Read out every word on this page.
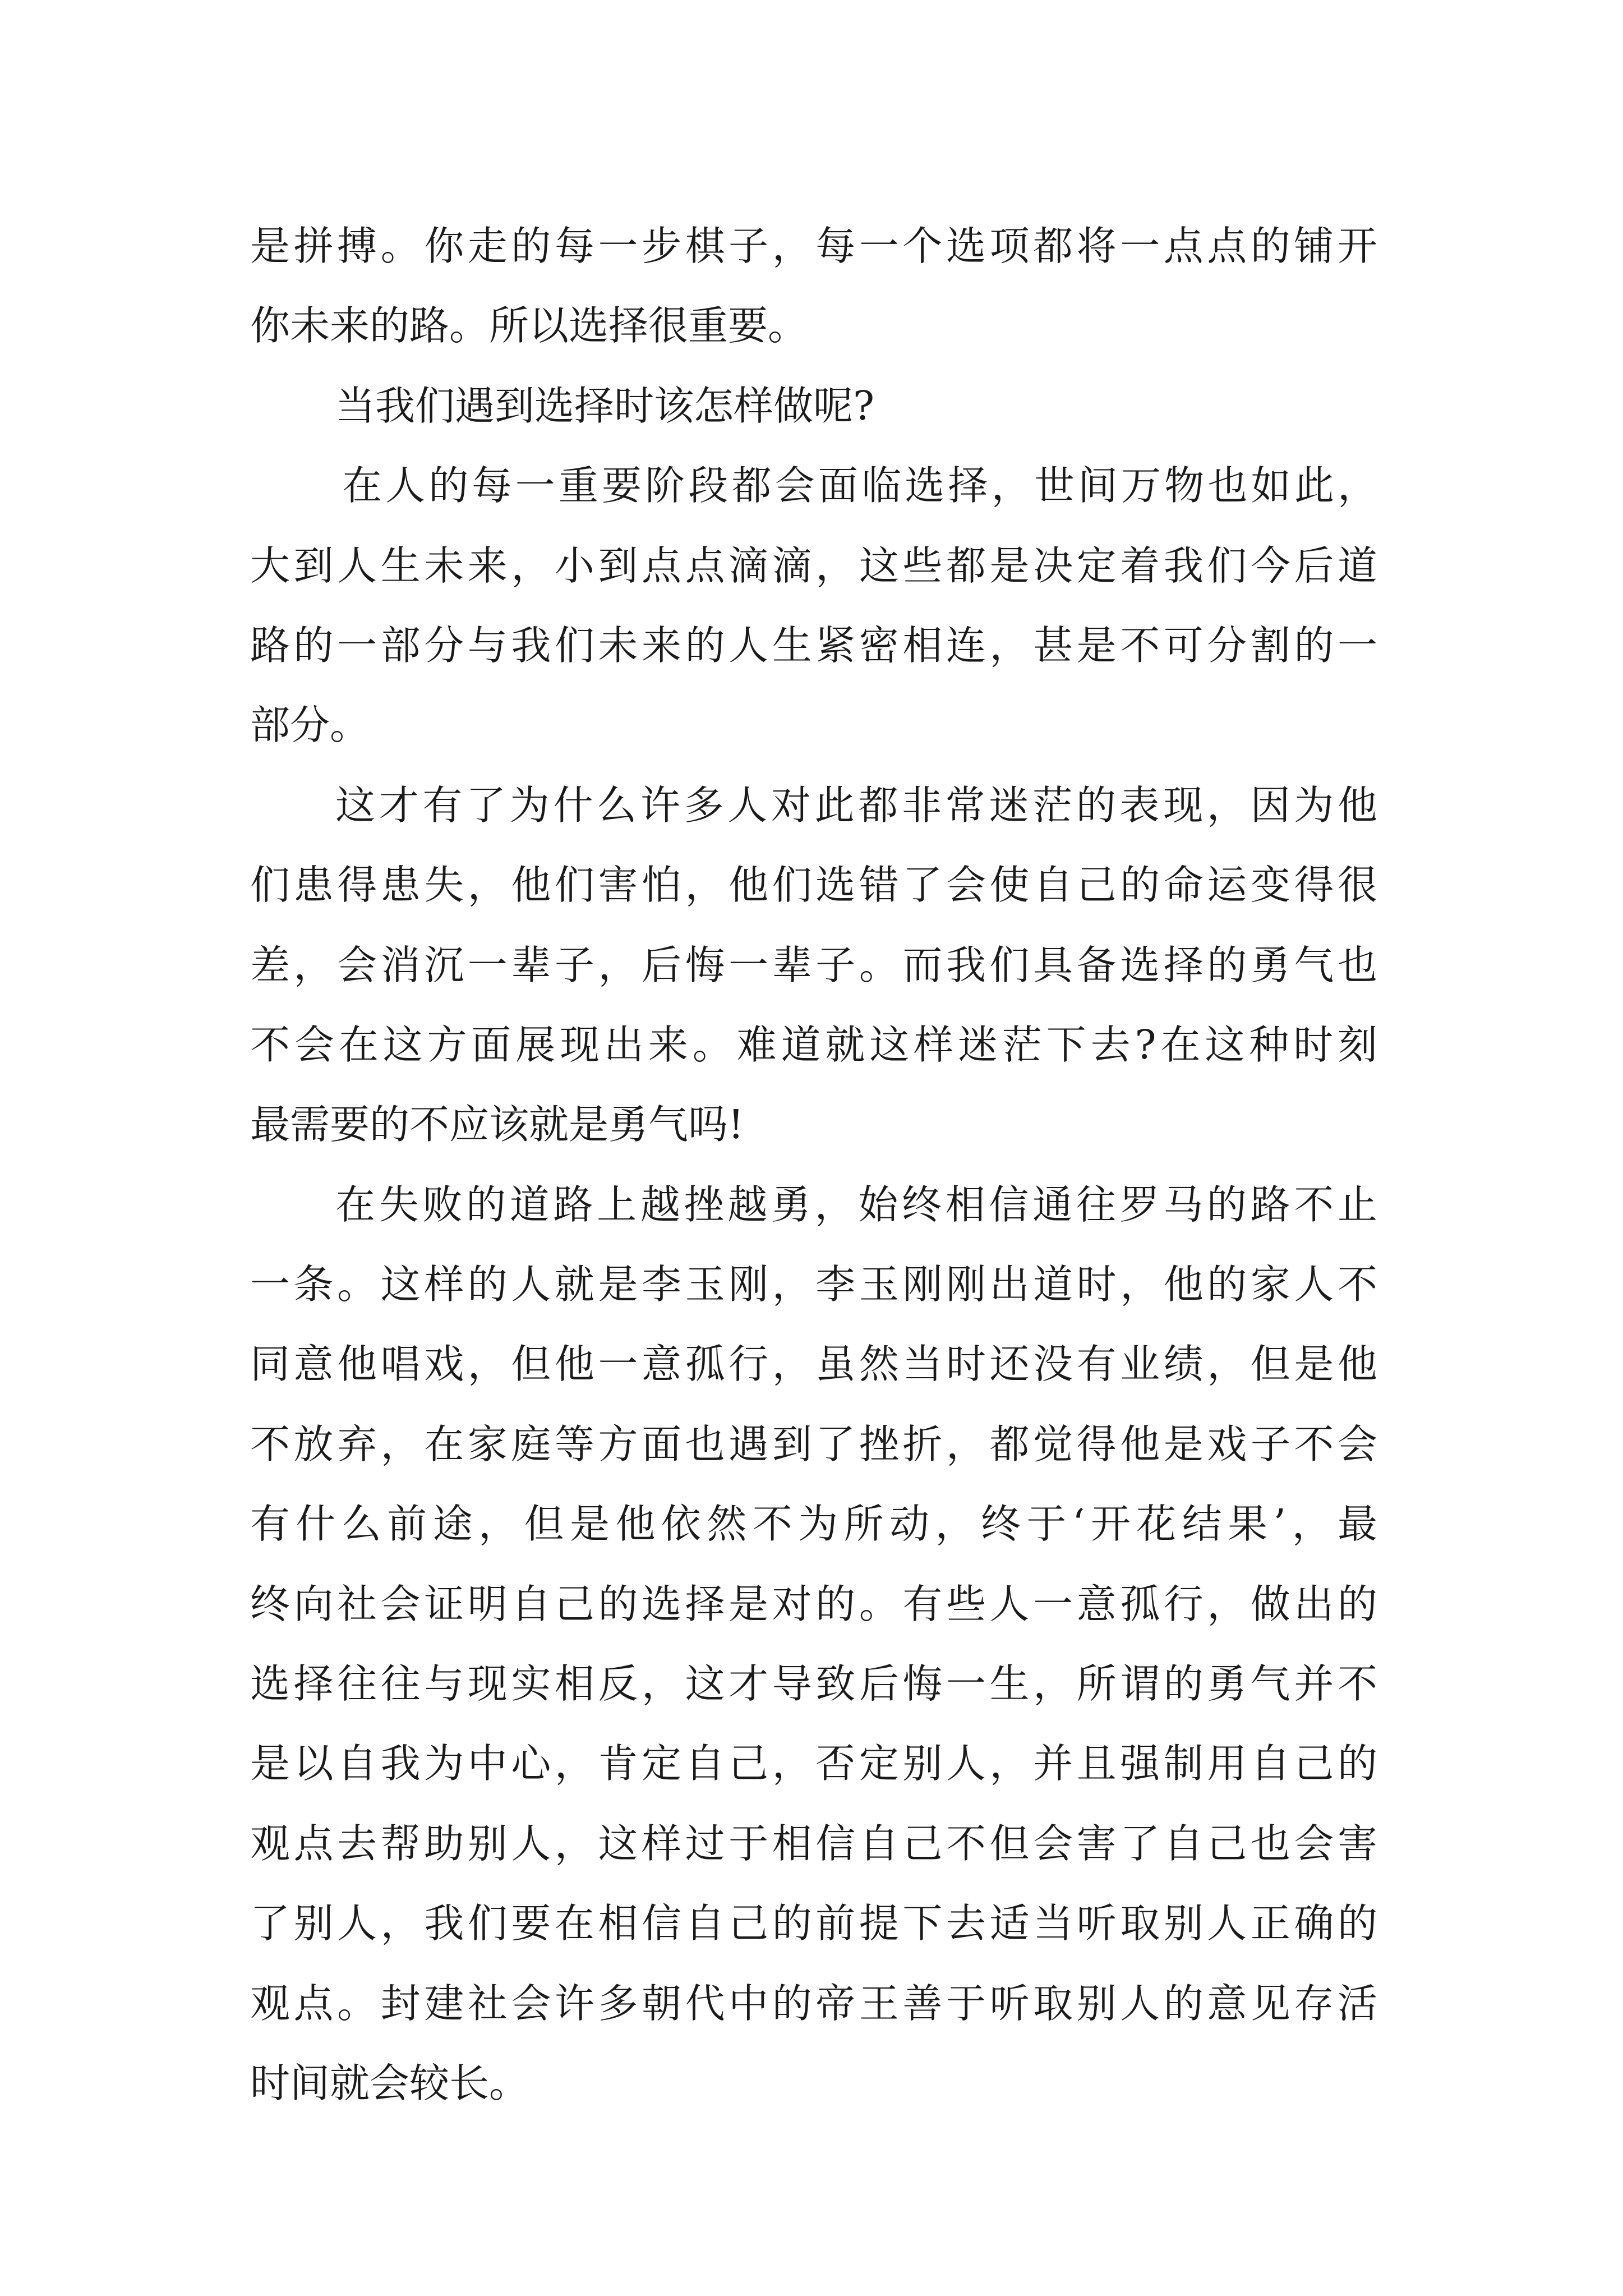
是拼搏。你走的每一步棋子，每一个选项都将一点点的铺开
你未来的路。所以选择很重要。
当我们遇到选择时该怎样做呢?
在人的每一重要阶段都会面临选择，世间万物也如此，
大到人生未来，小到点点滴滴，这些都是决定着我们今后道
路的一部分与我们未来的人生紧密相连，甚是不可分割的一
部分。
这才有了为什么许多人对此都非常迷茫的表现，因为他
们患得患失，他们害怕，他们选错了会使自己的命运变得很
差，会消沉一辈子，后悔一辈子。而我们具备选择的勇气也
不会在这方面展现出来。难道就这样迷茫下去?在这种时刻
最需要的不应该就是勇气吗!
在失败的道路上越挫越勇，始终相信通往罗马的路不止
一条。这样的人就是李玉刚，李玉刚刚出道时，他的家人不
同意他唱戏，但他一意孤行，虽然当时还没有业绩，但是他
不放弃，在家庭等方面也遇到了挫折，都觉得他是戏子不会
有什么前途，但是他依然不为所动，终于‘开花结果’，最
终向社会证明自己的选择是对的。有些人一意孤行，做出的
选择往往与现实相反，这才导致后悔一生，所谓的勇气并不
是以自我为中心，肯定自己，否定别人，并且强制用自己的
观点去帮助别人，这样过于相信自己不但会害了自己也会害
了别人，我们要在相信自己的前提下去适当听取别人正确的
观点。封建社会许多朝代中的帝王善于听取别人的意见存活
时间就会较长。
